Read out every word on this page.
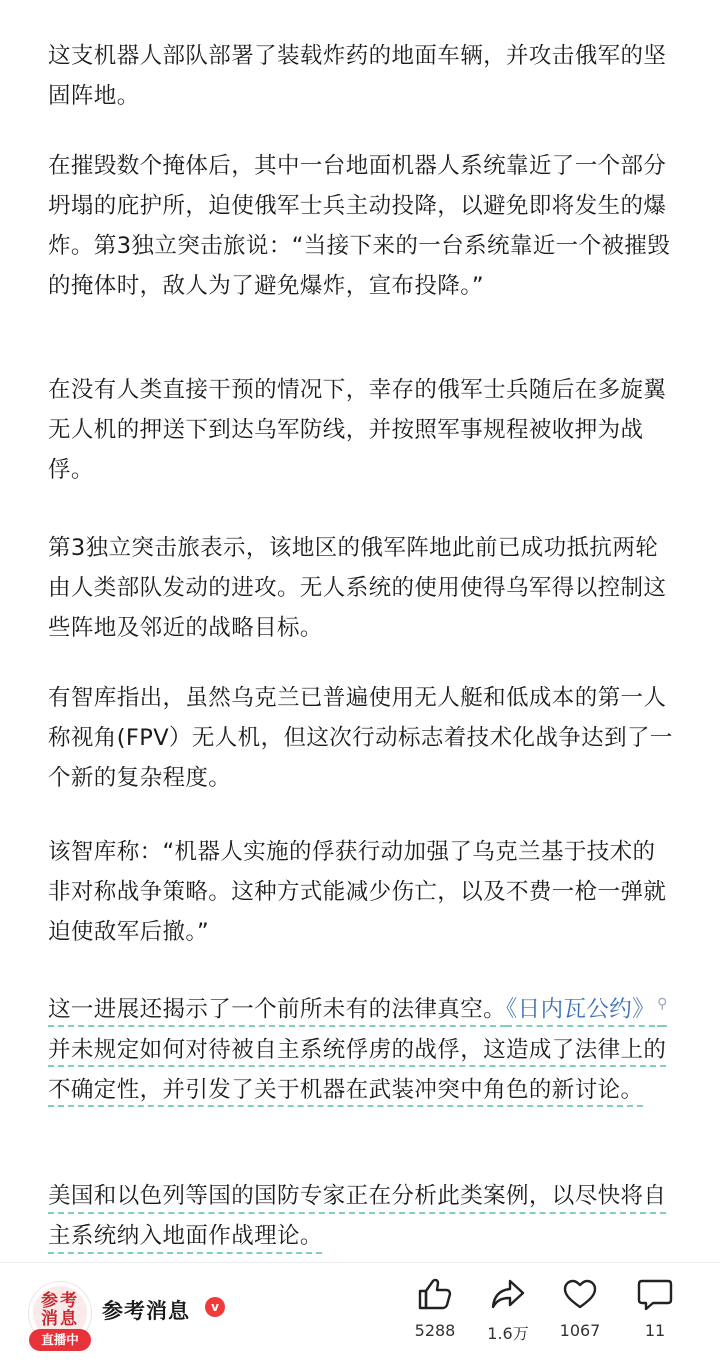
这支机器人部队部署了装载炸药的地面车辆，并攻击俄军的坚固阵地。

在摧毁数个掩体后，其中一台地面机器人系统靠近了一个部分坍塌的庇护所，迫使俄军士兵主动投降，以避免即将发生的爆炸。第3独立突击旅说：“当接下来的一台系统靠近一个被摧毁的掩体时，敌人为了避免爆炸，宣布投降。”

在没有人类直接干预的情况下，幸存的俄军士兵随后在多旋翼无人机的押送下到达乌军防线，并按照军事规程被收押为战俘。

第3独立突击旅表示，该地区的俄军阵地此前已成功抵抗两轮由人类部队发动的进攻。无人系统的使用使得乌军得以控制这些阵地及邻近的战略目标。

有智库指出，虽然乌克兰已普遍使用无人艇和低成本的第一人称视角(FPV）无人机，但这次行动标志着技术化战争达到了一个新的复杂程度。

该智库称：“机器人实施的俘获行动加强了乌克兰基于技术的非对称战争策略。这种方式能减少伤亡，以及不费一枪一弹就迫使敌军后撤。”

这一进展还揭示了一个前所未有的法律真空。《日内瓦公约》 ⚲并未规定如何对待被自主系统俘虏的战俘，这造成了法律上的不确定性，并引发了关于机器在武装冲突中角色的新讨论。

美国和以色列等国的国防专家正在分析此类案例，以尽快将自主系统纳入地面作战理论。

参考消息
直播中
参考消息	v
5288	1.6万	1067	11
